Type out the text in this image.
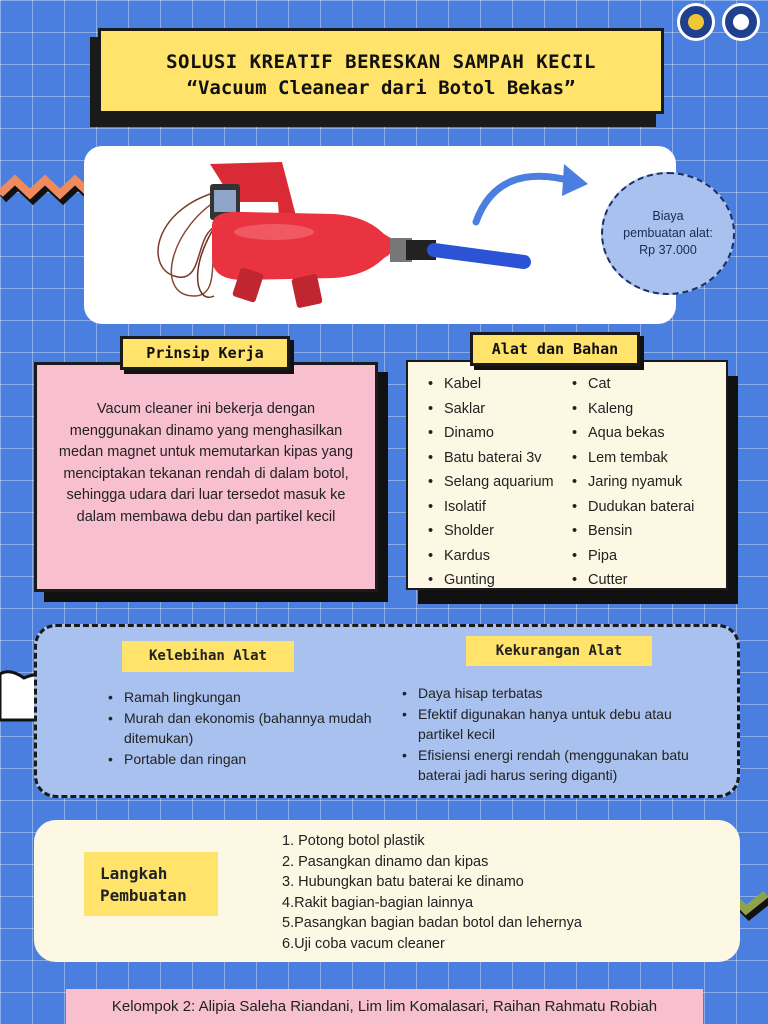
SOLUSI KREATIF BERESKAN SAMPAH KECIL
“Vacuum Cleanear dari Botol Bekas”
Biaya
pembuatan alat:
Rp 37.000
Vacum cleaner ini bekerja dengan menggunakan dinamo yang menghasilkan medan magnet untuk memutarkan kipas yang menciptakan tekanan rendah di dalam botol, sehingga udara dari luar tersedot masuk ke dalam membawa debu dan partikel kecil
Prinsip Kerja
• Kabel
• Saklar
• Dinamo
• Batu baterai 3v
• Selang aquarium
• Isolatif
• Sholder
• Kardus
• Gunting
• Cat
• Kaleng
• Aqua bekas
• Lem tembak
• Jaring nyamuk
• Dudukan baterai
• Bensin
• Pipa
• Cutter
Alat dan Bahan
Kelebihan Alat	Kekurangan Alat
• Ramah lingkungan
• Murah dan ekonomis (bahannya mudah ditemukan)
• Portable dan ringan
• Daya hisap terbatas
• Efektif digunakan hanya untuk debu atau partikel kecil
• Efisiensi energi rendah (menggunakan batu baterai jadi harus sering diganti)
Langkah
Pembuatan
1. Potong botol plastik
2. Pasangkan dinamo dan kipas
3. Hubungkan batu baterai ke dinamo
4.Rakit bagian-bagian lainnya
5.Pasangkan bagian badan botol dan lehernya
6.Uji coba vacum cleaner
Kelompok 2: Alipia Saleha Riandani, Lim lim Komalasari, Raihan Rahmatu Robiah
